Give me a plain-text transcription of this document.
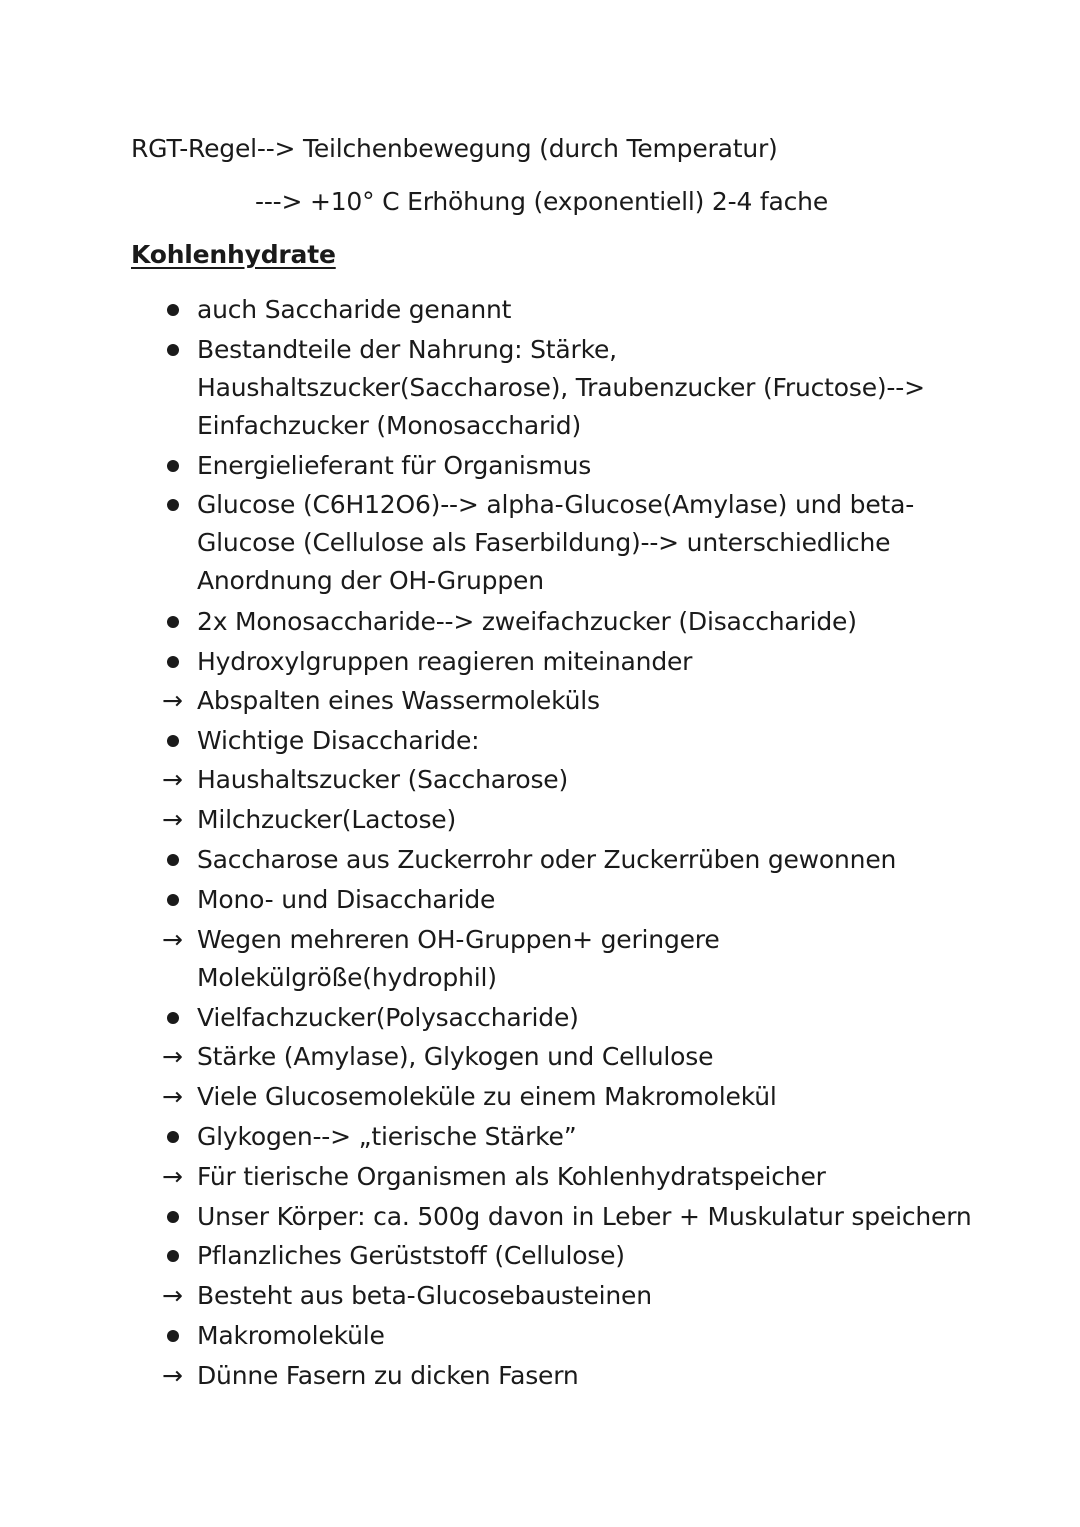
RGT-Regel--> Teilchenbewegung (durch Temperatur)
---> +10° C Erhöhung (exponentiell) 2-4 fache
Kohlenhydrate
auch Saccharide genannt
Bestandteile der Nahrung: Stärke,
Haushaltszucker(Saccharose), Traubenzucker (Fructose)-->
Einfachzucker (Monosaccharid)
Energielieferant für Organismus
Glucose (C6H12O6)--> alpha-Glucose(Amylase) und beta-
Glucose (Cellulose als Faserbildung)--> unterschiedliche
Anordnung der OH-Gruppen
2x Monosaccharide--> zweifachzucker (Disaccharide)
Hydroxylgruppen reagieren miteinander
→ Abspalten eines Wassermoleküls
Wichtige Disaccharide:
→ Haushaltszucker (Saccharose)
→ Milchzucker(Lactose)
Saccharose aus Zuckerrohr oder Zuckerrüben gewonnen
Mono- und Disaccharide
→ Wegen mehreren OH-Gruppen+ geringere
Molekülgröße(hydrophil)
Vielfachzucker(Polysaccharide)
→ Stärke (Amylase), Glykogen und Cellulose
→ Viele Glucosemoleküle zu einem Makromolekül
Glykogen--> „tierische Stärke”
→ Für tierische Organismen als Kohlenhydratspeicher
Unser Körper: ca. 500g davon in Leber + Muskulatur speichern
Pflanzliches Gerüststoff (Cellulose)
→ Besteht aus beta-Glucosebausteinen
Makromoleküle
→ Dünne Fasern zu dicken Fasern
